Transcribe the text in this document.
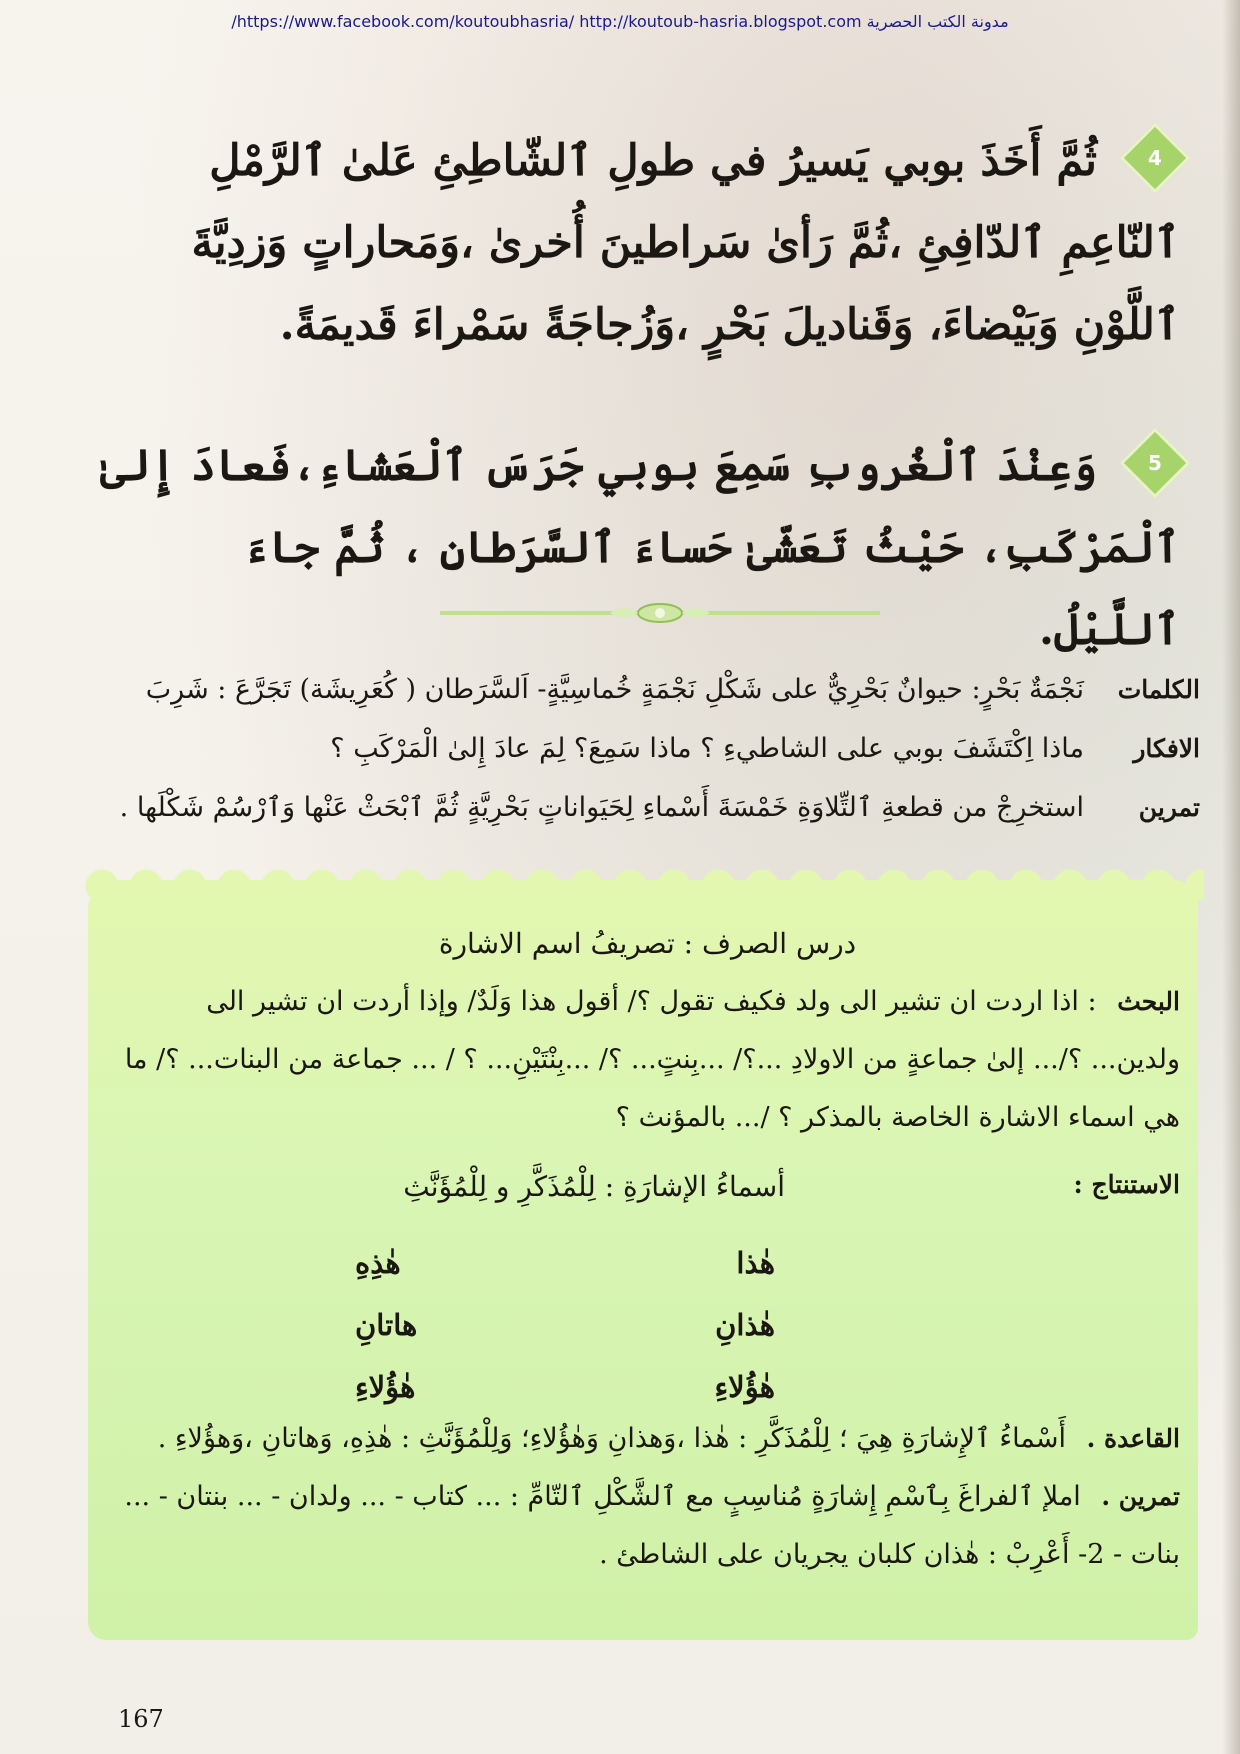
/https://www.facebook.com/koutoubhasria/ http://koutoub-hasria.blogspot.com مدونة الكتب الحصرية
4
ثُمَّ أَخَذَ بوبي يَسيرُ في طولِ ٱلشّاطِئِ عَلىٰ ٱلرَّمْلِ ٱلنّاعِمِ ٱلدّافِئِ ،ثُمَّ رَأىٰ سَراطينَ أُخرىٰ ،وَمَحاراتٍ وَزدِيَّةَ ٱللَّوْنِ وَبَيْضاءَ، وَقَناديلَ بَحْرٍ ،وَزُجاجَةً سَمْراءَ قَديمَةً.
5
وَعِنْدَ ٱلْغُروبِ سَمِعَ بوبي جَرَسَ ٱلْعَشاءِ،فَعادَ إِلىٰ ٱلْمَرْكَبِ، حَيْثُ تَعَشّىٰ حَساءَ ٱلسَّرَطانِ ، ثُمَّ جاءَ ٱللَّيْلُ.
الكلمات
نَجْمَةٌ بَحْرٍ: حيوانٌ بَحْرِيٌّ على شَكْلِ نَجْمَةٍ خُماسِيَّةٍ- اَلسَّرَطان ( كُعَرِيشَة) تَجَرَّعَ : شَرِبَ
الافكار
ماذا اِكْتَشَفَ بوبي على الشاطيءِ ؟ ماذا سَمِعَ؟ لِمَ عادَ إِلىٰ الْمَرْكَبِ ؟
تمرين
استخرِجْ من قطعةِ ٱلتِّلاوَةِ خَمْسَةَ أَسْماءِ لِحَيَواناتٍ بَحْرِيَّةٍ ثُمَّ ٱبْحَثْ عَنْها وَٱرْسُمْ شَكْلَها .
درس الصرف : تصريفُ اسم الاشارة
البحث : اذا اردت ان تشير الى ولد فكيف تقول ؟/ أقول هذا وَلَدٌ/ وإذا أردت ان تشير الى ولدين... ؟/... إلىٰ جماعةٍ من الاولادِ ...؟/ ...بِنتٍ... ؟/ ...بِنْتَيْنِ... ؟ / ... جماعة من البنات... ؟/ ما هي اسماء الاشارة الخاصة بالمذكر ؟ /... بالمؤنث ؟
الاستنتاج :
أسماءُ الإشارَةِ : لِلْمُذَكَّرِ و لِلْمُؤَنَّثِ
هٰذا
هٰذِهِ
هٰذانِ
هاتانِ
هٰؤُلاءِ
هٰؤُلاءِ
القاعدة . أَسْماءُ ٱلإِشارَةِ هِيَ ؛ لِلْمُذَكَّرِ : هٰذا ،وَهذانِ وَهٰؤُلاءِ؛ وَلِلْمُؤَنَّثِ : هٰذِهِ، وَهاتانِ ،وَهؤُلاءِ .
تمرين . املإ ٱلفراغَ بِٱسْمِ إِشارَةٍ مُناسِبٍ مع ٱلشَّكْلِ ٱلتّامِّ : ... كتاب - ... ولدان - ... بنتان - ... بنات - 2- أَعْرِبْ : هٰذان كلبان يجريان على الشاطئ .
167
